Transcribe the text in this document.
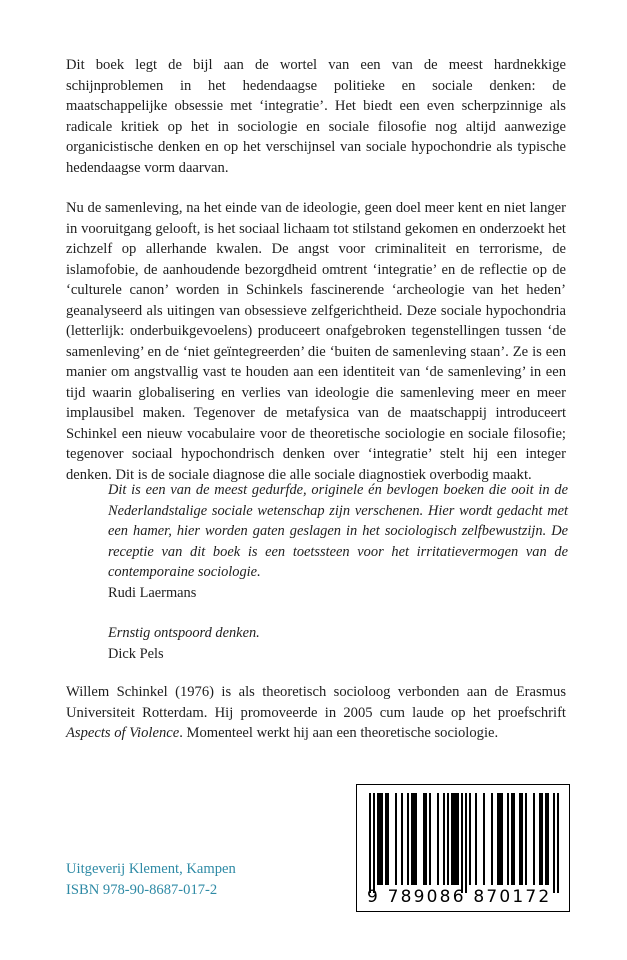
Dit boek legt de bijl aan de wortel van een van de meest hardnekkige schijnproblemen in het hedendaagse politieke en sociale denken: de maatschappelijke obsessie met ‘integratie’. Het biedt een even scherpzinnige als radicale kritiek op het in sociologie en sociale filosofie nog altijd aanwezige organicistische denken en op het verschijnsel van sociale hypochondrie als typische hedendaagse vorm daarvan.

Nu de samenleving, na het einde van de ideologie, geen doel meer kent en niet langer in vooruitgang gelooft, is het sociaal lichaam tot stilstand gekomen en onderzoekt het zichzelf op allerhande kwalen. De angst voor criminaliteit en terrorisme, de islamofobie, de aanhoudende bezorgdheid omtrent ‘integratie’ en de reflectie op de ‘culturele canon’ worden in Schinkels fascinerende ‘archeologie van het heden’ geanalyseerd als uitingen van obsessieve zelfgerichtheid. Deze sociale hypochondria (letterlijk: onderbuikgevoelens) produceert onafgebroken tegenstellingen tussen ‘de samenleving’ en de ‘niet geïntegreerden’ die ‘buiten de samenleving staan’. Ze is een manier om angstvallig vast te houden aan een identiteit van ‘de samenleving’ in een tijd waarin globalisering en verlies van ideologie die samenleving meer en meer implausibel maken. Tegenover de metafysica van de maatschappij introduceert Schinkel een nieuw vocabulaire voor de theoretische sociologie en sociale filosofie; tegenover sociaal hypochondrisch denken over ‘integratie’ stelt hij een integer denken. Dit is de sociale diagnose die alle sociale diagnostiek overbodig maakt.

Dit is een van de meest gedurfde, originele én bevlogen boeken die ooit in de Nederlandstalige sociale wetenschap zijn verschenen. Hier wordt gedacht met een hamer, hier worden gaten geslagen in het sociologisch zelfbewustzijn. De receptie van dit boek is een toetssteen voor het irritatievermogen van de contemporaine sociologie.

Rudi Laermans

Ernstig ontspoord denken.

Dick Pels

Willem Schinkel (1976) is als theoretisch socioloog verbonden aan de Erasmus Universiteit Rotterdam. Hij promoveerde in 2005 cum laude op het proefschrift Aspects of Violence. Momenteel werkt hij aan een theoretische sociologie.
Uitgeverij Klement, Kampen
ISBN 978-90-8687-017-2	9 789086 870172
